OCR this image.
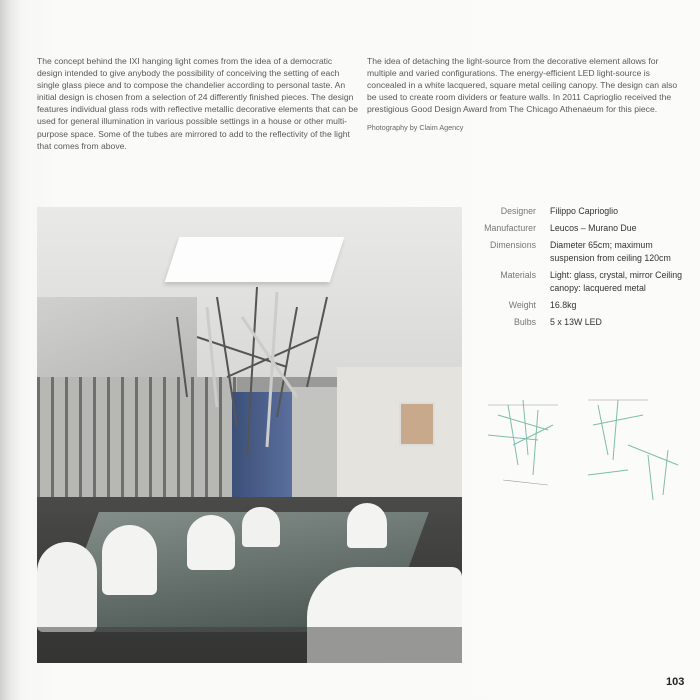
The concept behind the IXI hanging light comes from the idea of a democratic design intended to give anybody the possibility of conceiving the setting of each single glass piece and to compose the chandelier according to personal taste. An initial design is chosen from a selection of 24 differently finished pieces. The design features individual glass rods with reflective metallic decorative elements that can be used for general illumination in various possible settings in a house or other multi-purpose space. Some of the tubes are mirrored to add to the reflectivity of the light that comes from above.
The idea of detaching the light-source from the decorative element allows for multiple and varied configurations. The energy-efficient LED light-source is concealed in a white lacquered, square metal ceiling canopy. The design can also be used to create room dividers or feature walls. In 2011 Caprioglio received the prestigious Good Design Award from The Chicago Athenaeum for this piece.
Photography by Claim Agency
Designer	Filippo Caprioglio
Manufacturer	Leucos – Murano Due
Dimensions	Diameter 65cm; maximum suspension from ceiling 120cm
Materials	Light: glass, crystal, mirror Ceiling canopy: lacquered metal
Weight	16.8kg
Bulbs	5 x 13W LED
103
